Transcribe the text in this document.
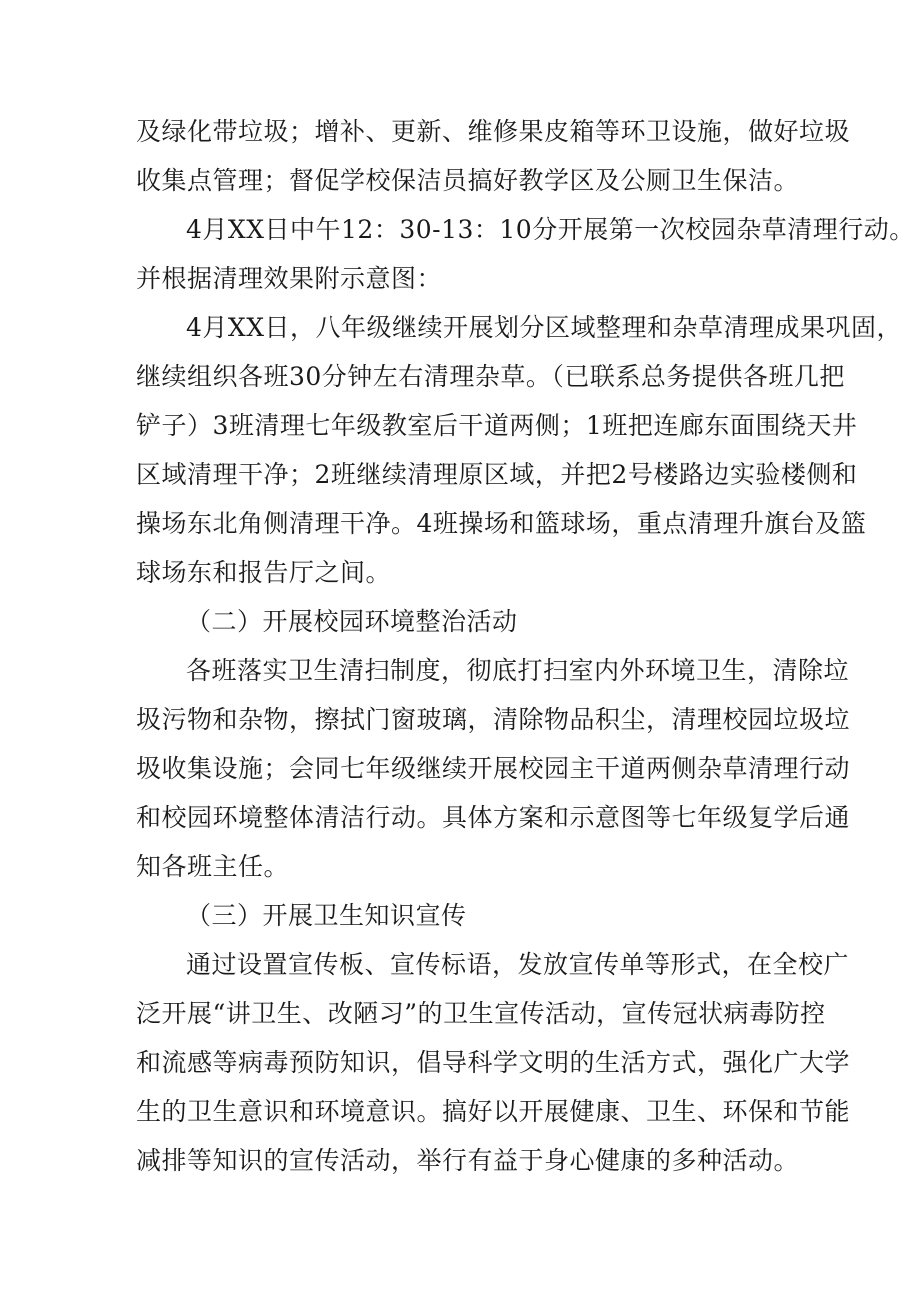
及绿化带垃圾；增补、更新、维修果皮箱等环卫设施，做好垃圾
收集点管理；督促学校保洁员搞好教学区及公厕卫生保洁。
4月XX日中午12：30-13：10分开展第一次校园杂草清理行动。
并根据清理效果附示意图：
4月XX日，八年级继续开展划分区域整理和杂草清理成果巩固，
继续组织各班30分钟左右清理杂草。（已联系总务提供各班几把
铲子）3班清理七年级教室后干道两侧；1班把连廊东面围绕天井
区域清理干净；2班继续清理原区域，并把2号楼路边实验楼侧和
操场东北角侧清理干净。4班操场和篮球场，重点清理升旗台及篮
球场东和报告厅之间。
（二）开展校园环境整治活动
各班落实卫生清扫制度，彻底打扫室内外环境卫生，清除垃
圾污物和杂物，擦拭门窗玻璃，清除物品积尘，清理校园垃圾垃
圾收集设施；会同七年级继续开展校园主干道两侧杂草清理行动
和校园环境整体清洁行动。具体方案和示意图等七年级复学后通
知各班主任。
（三）开展卫生知识宣传
通过设置宣传板、宣传标语，发放宣传单等形式，在全校广
泛开展“讲卫生、改陋习”的卫生宣传活动，宣传冠状病毒防控
和流感等病毒预防知识，倡导科学文明的生活方式，强化广大学
生的卫生意识和环境意识。搞好以开展健康、卫生、环保和节能
减排等知识的宣传活动，举行有益于身心健康的多种活动。
